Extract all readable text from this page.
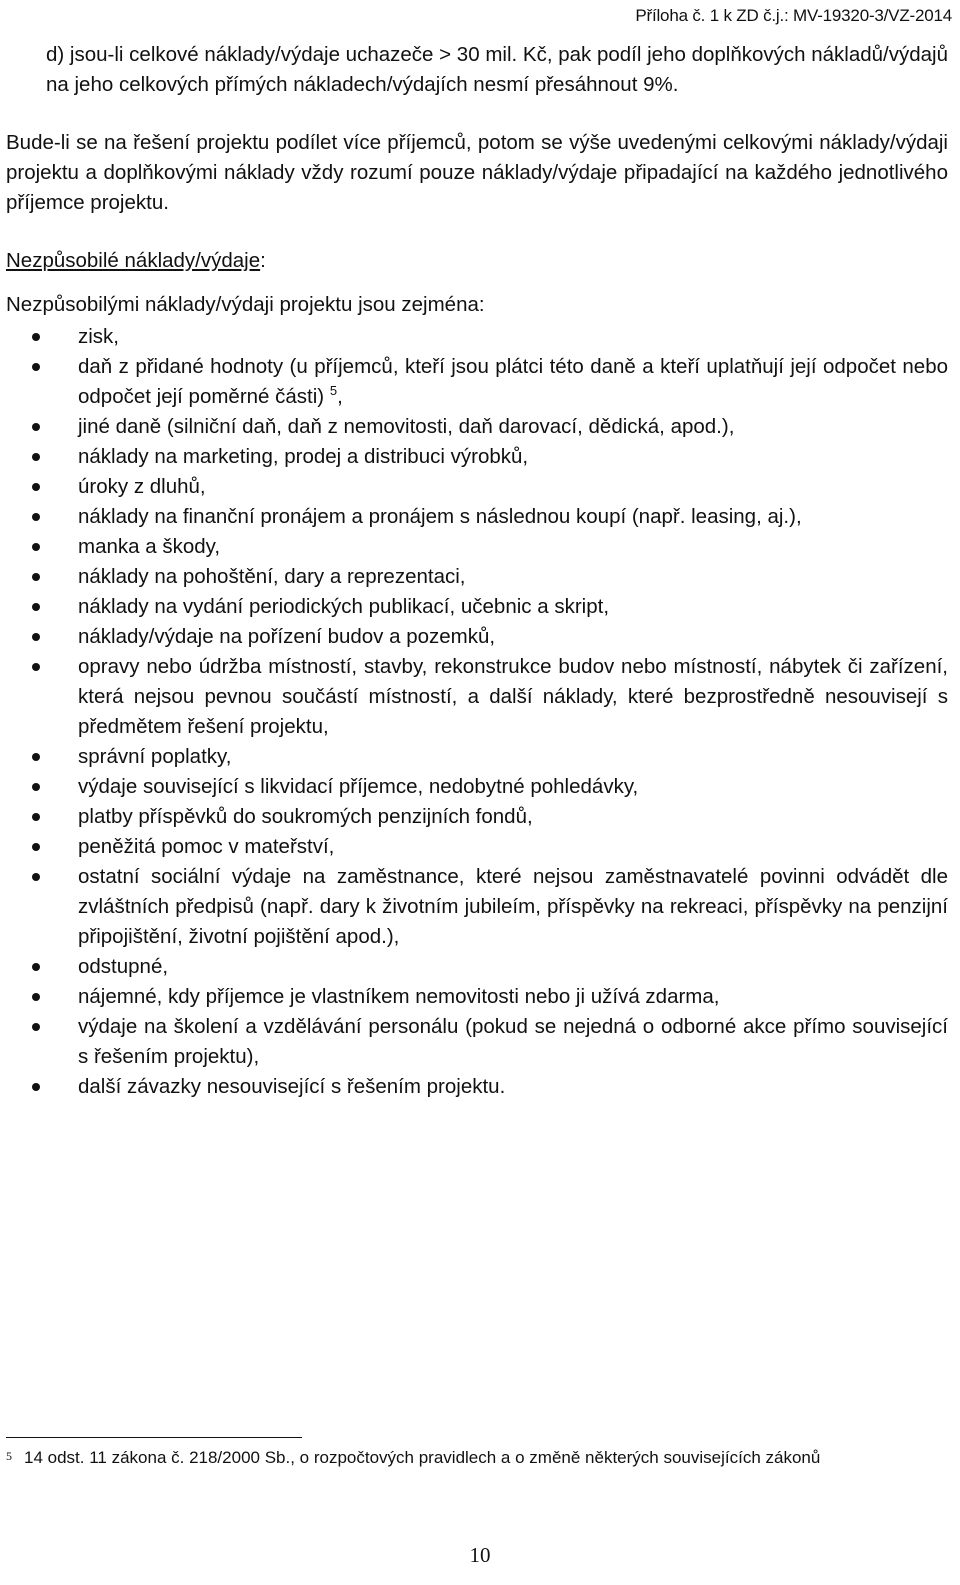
Příloha č. 1 k ZD č.j.: MV-19320-3/VZ-2014

d) jsou-li celkové náklady/výdaje uchazeče > 30 mil. Kč, pak podíl jeho doplňkových nákladů/výdajů na jeho celkových přímých nákladech/výdajích nesmí přesáhnout 9%.

Bude-li se na řešení projektu podílet více příjemců, potom se výše uvedenými celkovými náklady/výdaji projektu a doplňkovými náklady vždy rozumí pouze náklady/výdaje připadající na každého jednotlivého příjemce projektu.

Nezpůsobilé náklady/výdaje:

Nezpůsobilými náklady/výdaji projektu jsou zejména:

zisk,
daň z přidané hodnoty (u příjemců, kteří jsou plátci této daně a kteří uplatňují její odpočet nebo odpočet její poměrné části) $^5$,
jiné daně (silniční daň, daň z nemovitosti, daň darovací, dědická, apod.),
náklady na marketing, prodej a distribuci výrobků,
úroky z dluhů,
náklady na finanční pronájem a pronájem s následnou koupí (např. leasing, aj.),
manka a škody,
náklady na pohoštění, dary a reprezentaci,
náklady na vydání periodických publikací, učebnic a skript,
náklady/výdaje na pořízení budov a pozemků,
opravy nebo údržba místností, stavby, rekonstrukce budov nebo místností, nábytek či zařízení, která nejsou pevnou součástí místností, a další náklady, které bezprostředně nesouvisejí s předmětem řešení projektu,
správní poplatky,
výdaje související s likvidací příjemce, nedobytné pohledávky,
platby příspěvků do soukromých penzijních fondů,
peněžitá pomoc v mateřství,
ostatní sociální výdaje na zaměstnance, které nejsou zaměstnavatelé povinni odvádět dle zvláštních předpisů (např. dary k životním jubileím, příspěvky na rekreaci, příspěvky na penzijní připojištění, životní pojištění apod.),
odstupné,
nájemné, kdy příjemce je vlastníkem nemovitosti nebo ji užívá zdarma,
výdaje na školení a vzdělávání personálu (pokud se nejedná o odborné akce přímo související s řešením projektu),
další závazky nesouvisející s řešením projektu.
5 14 odst. 11 zákona č. 218/2000 Sb., o rozpočtových pravidlech a o změně některých souvisejících zákonů
10
